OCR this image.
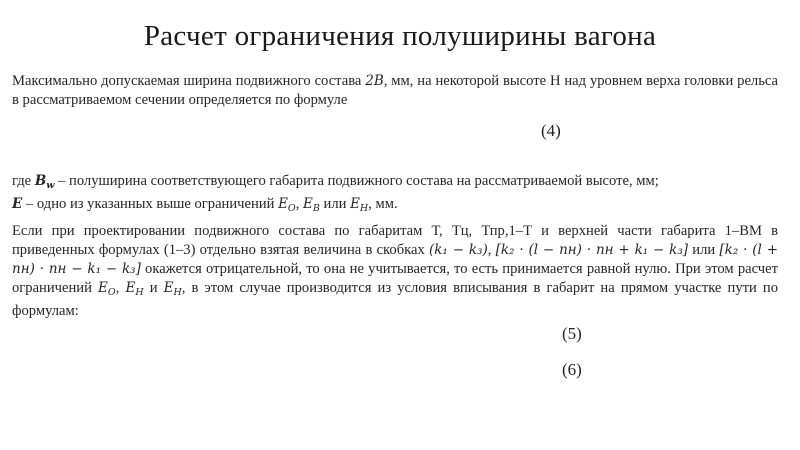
Расчет ограничения полуширины вагона
Максимально допускаемая ширина подвижного состава 2B, мм, на некоторой высоте Н над уровнем верха головки рельса в рассматриваемом сечении определяется по формуле
(4)
где $B_w$ – полуширина соответствующего габарита подвижного состава на рассматриваемой высоте, мм;
E – одно из указанных выше ограничений $E_O$, $E_B$ или $E_H$, мм.
Если при проектировании подвижного состава по габаритам Т, Тц, Тпр,1–Т и верхней части габарита 1–ВМ в приведенных формулах (1–3) отдельно взятая величина в скобках (k₁ − k₃), [k₂ · (l − nн) · nн + k₁ − k₃] или [k₂ · (l + nн) · nн − k₁ − k₃] окажется отрицательной, то она не учитывается, то есть принимается равной нулю. При этом расчет ограничений $E_O$, $E_H$ и $E_H$, в этом случае производится из условия вписывания в габарит на прямом участке пути по формулам:
(5)
(6)
